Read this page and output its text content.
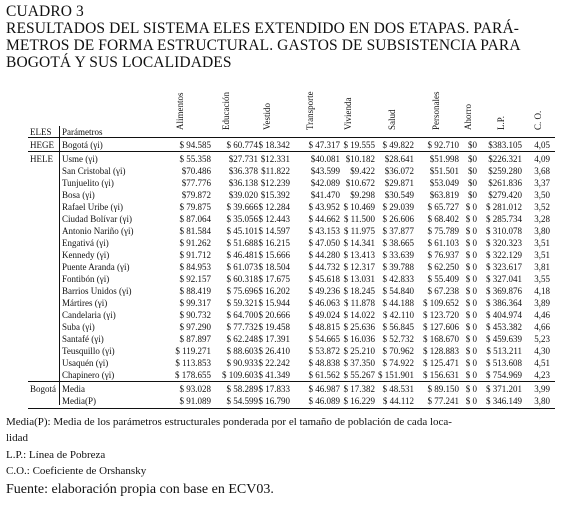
CUADRO 3
RESULTADOS DEL SISTEMA ELES EXTENDIDO EN DOS ETAPAS. PARÁ-
METROS DE FORMA ESTRUCTURAL. GASTOS DE SUBSISTENCIA PARA
BOGOTÁ Y SUS LOCALIDADES
Alimentos	Educación	Vestido	Transporte	Vivienda	Salud	Personales Ahorro	L.P.	C. O.
ELES Parámetros
HEGE Bogotá (γi)	$ 94.585	$ 60.774 $ 18.342	$ 47.317 $ 19.555 $ 49.822	$ 92.710	$0	$383.105	4,05
HELE Usme (γi)	$ 55.358	$27.731 $12.331	$40.081 $10.182	$28.641	$51.998	$0	$226.321	4,09
San Cristobal (γi)	$70.486	$36.378 $11.822	$43.599	$9.422	$36.072	$51.501	$0	$259.280	3,68
Tunjuelito (γi)	$77.776	$36.138 $12.239	$42.089 $10.672	$29.871	$53.049	$0	$261.836	3,37
Bosa (γi)	$79.872	$39.020 $15.392	$41.470	$9.298	$30.549	$63.819	$0	$279.420	3,50
Rafael Uribe (γi)	$ 79.875	$ 39.666 $ 12.284	$ 43.952 $ 10.469 $ 29.039	$ 65.727 $ 0	$ 281.012	3,52
Ciudad Bolívar (γi)	$ 87.064	$ 35.056 $ 12.443	$ 44.662 $ 11.500 $ 26.606	$ 68.402 $ 0	$ 285.734	3,28
Antonio Nariño (γi)	$ 81.584	$ 45.101 $ 14.597	$ 43.153 $ 11.975 $ 37.877	$ 75.789 $ 0	$ 310.078	3,80
Engativá (γi)	$ 91.262	$ 51.688 $ 16.215	$ 47.050 $ 14.341 $ 38.665	$ 61.103 $ 0	$ 320.323	3,51
Kennedy (γi)	$ 91.712	$ 46.481 $ 15.666	$ 44.280 $ 13.413 $ 33.639	$ 76.937 $ 0	$ 322.129	3,51
Puente Aranda (γi)	$ 84.953	$ 61.073 $ 18.504	$ 44.732 $ 12.317 $ 39.788	$ 62.250 $ 0	$ 323.617	3,81
Fontibón (γi)	$ 92.157	$ 60.318 $ 17.675	$ 45.618 $ 13.031 $ 42.833	$ 55.409 $ 0	$ 327.041	3,55
Barrios Unidos (γi)	$ 88.419	$ 75.696 $ 16.202	$ 49.236 $ 18.245 $ 54.840	$ 67.238 $ 0	$ 369.876	4,18
Mártires (γi)	$ 99.317	$ 59.321 $ 15.944	$ 46.063 $ 11.878 $ 44.188	$ 109.652 $ 0	$ 386.364	3,89
Candelaria (γi)	$ 90.732	$ 64.700 $ 20.666	$ 49.024 $ 14.022 $ 42.110	$ 123.720 $ 0	$ 404.974	4,46
Suba (γi)	$ 97.290	$ 77.732 $ 19.458	$ 48.815 $ 25.636 $ 56.845	$ 127.606 $ 0	$ 453.382	4,66
Santafé (γi)	$ 87.897	$ 62.248 $ 17.391	$ 54.665 $ 16.036 $ 52.732	$ 168.670 $ 0	$ 459.639	5,23
Teusquillo (γi)	$ 119.271	$ 88.603 $ 26.410	$ 53.872 $ 25.210 $ 70.962	$ 128.883 $ 0	$ 513.211	4,30
Usaquén (γi)	$ 113.853	$ 90.933 $ 22.242	$ 48.838 $ 37.350 $ 74.922	$ 125.471 $ 0	$ 513.608	4,51
Chapinero (γi)	$ 178.655	$ 109.603 $ 41.349	$ 61.562 $ 55.267 $ 151.901	$ 156.631 $ 0	$ 754.969	4,23
Bogotá Media	$ 93.028	$ 58.289 $ 17.833	$ 46.987 $ 17.382 $ 48.531	$ 89.150 $ 0	$ 371.201	3,99
Media(P)	$ 91.089	$ 54.599 $ 16.790	$ 46.089 $ 16.229 $ 44.112	$ 77.241 $ 0	$ 346.149	3,80
Media(P): Media de los parámetros estructurales ponderada por el tamaño de población de cada loca-
lidad
L.P.: Línea de Pobreza
C.O.: Coeficiente de Orshansky
Fuente: elaboración propia con base en ECV03.
